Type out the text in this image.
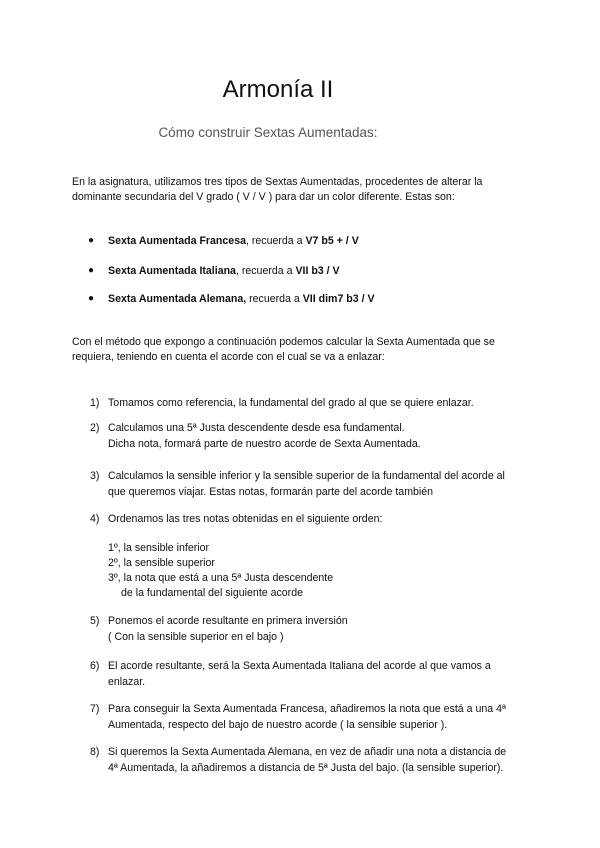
Armonía II
Cómo construir Sextas Aumentadas:
En la asignatura, utilizamos tres tipos de Sextas Aumentadas, procedentes de alterar la
dominante secundaria del V grado ( V / V ) para dar un color diferente. Estas son:
● Sexta Aumentada Francesa, recuerda a V7 b5 + / V
● Sexta Aumentada Italiana, recuerda a VII b3 / V
● Sexta Aumentada Alemana, recuerda a VII dim7 b3 / V
Con el método que expongo a continuación podemos calcular la Sexta Aumentada que se
requiera, teniendo en cuenta el acorde con el cual se va a enlazar:
1) Tomamos como referencia, la fundamental del grado al que se quiere enlazar.
2) Calculamos una 5ª Justa descendente desde esa fundamental.
Dicha nota, formará parte de nuestro acorde de Sexta Aumentada.
3) Calculamos la sensible inferior y la sensible superior de la fundamental del acorde al
que queremos viajar. Estas notas, formarán parte del acorde también
4) Ordenamos las tres notas obtenidas en el siguiente orden:
1º, la sensible inferior
2º, la sensible superior
3º, la nota que está a una 5ª Justa descendente
de la fundamental del siguiente acorde
5) Ponemos el acorde resultante en primera inversión
( Con la sensible superior en el bajo )
6) El acorde resultante, será la Sexta Aumentada Italiana del acorde al que vamos a
enlazar.
7) Para conseguir la Sexta Aumentada Francesa, añadiremos la nota que está a una 4ª
Aumentada, respecto del bajo de nuestro acorde ( la sensible superior ).
8) Si queremos la Sexta Aumentada Alemana, en vez de añadir una nota a distancia de
4ª Aumentada, la añadiremos a distancia de 5ª Justa del bajo. (la sensible superior).
